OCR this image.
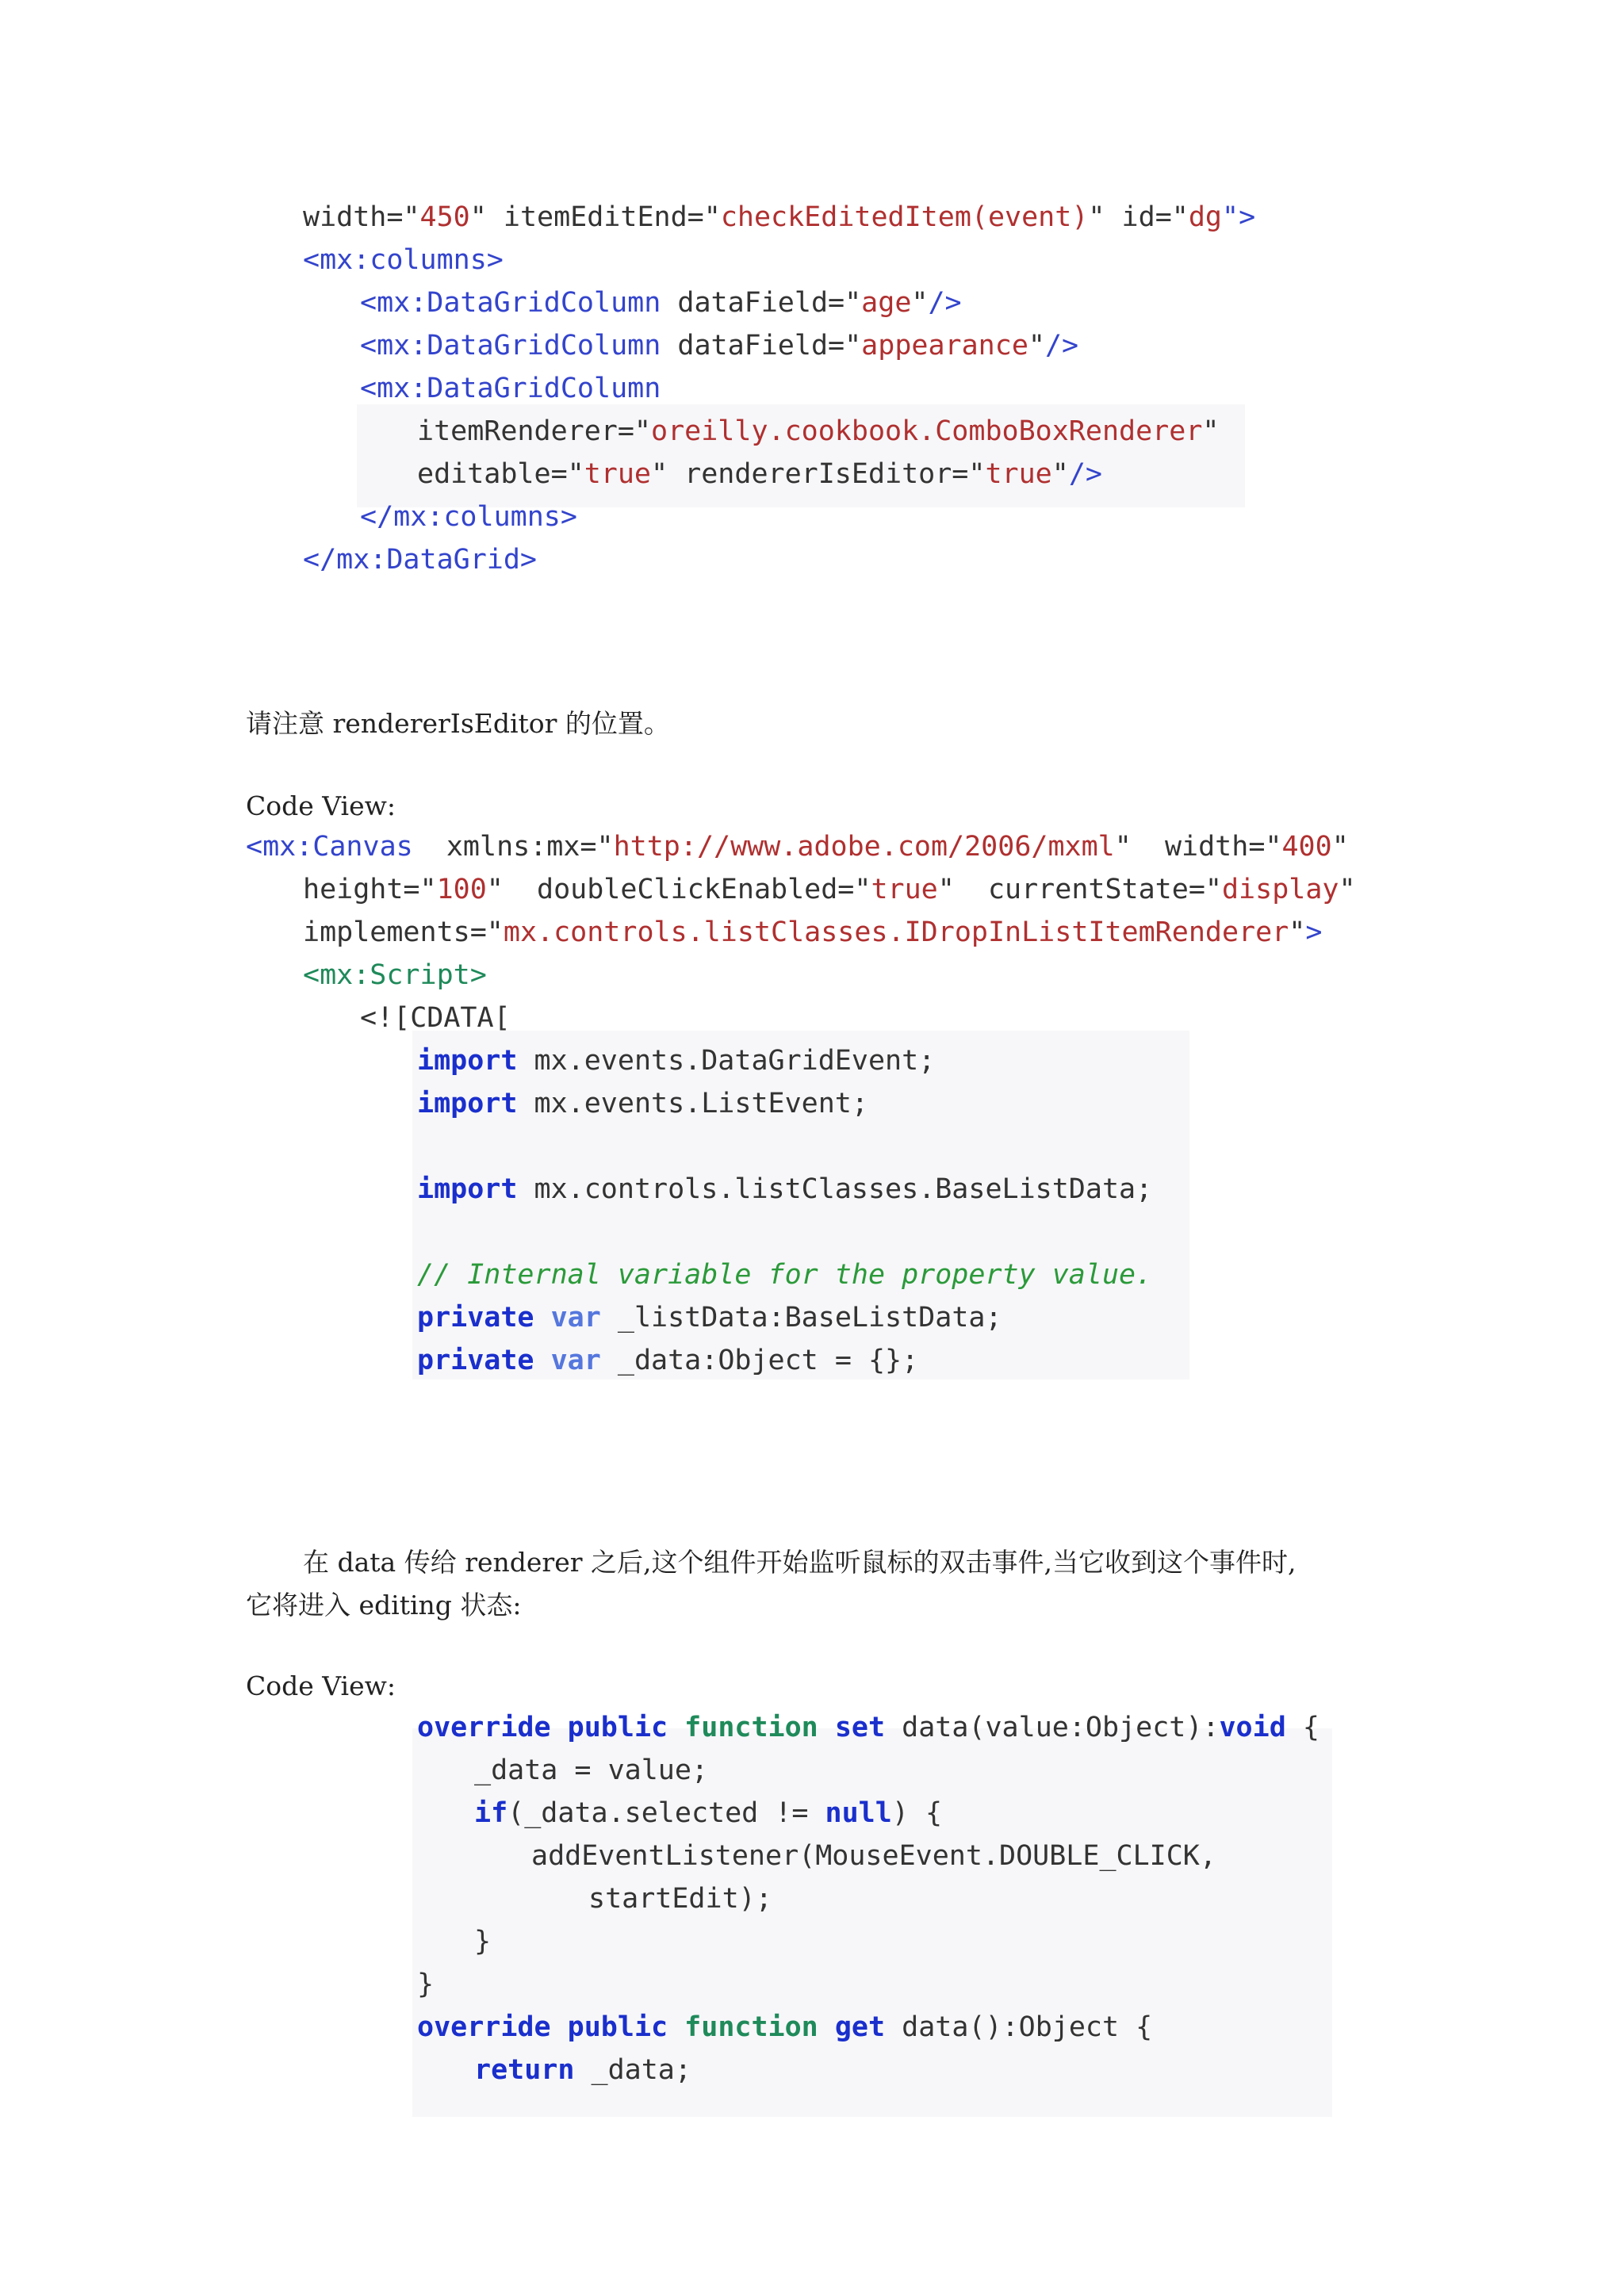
width="450" itemEditEnd="checkEditedItem(event)" id="dg">
<mx:columns>
<mx:DataGridColumn dataField="age"/>
<mx:DataGridColumn dataField="appearance"/>
<mx:DataGridColumn
itemRenderer="oreilly.cookbook.ComboBoxRenderer"
editable="true" rendererIsEditor="true"/>
</mx:columns>
</mx:DataGrid>
请注意 rendererIsEditor 的位置。
Code View:
<mx:Canvas  xmlns:mx="http://www.adobe.com/2006/mxml"  width="400"
height="100"  doubleClickEnabled="true"  currentState="display"
implements="mx.controls.listClasses.IDropInListItemRenderer">
<mx:Script>
<![CDATA[
import mx.events.DataGridEvent;
import mx.events.ListEvent;
import mx.controls.listClasses.BaseListData;
// Internal variable for the property value.
private var _listData:BaseListData;
private var _data:Object = {};
在 data 传给 renderer 之后,这个组件开始监听鼠标的双击事件,当它收到这个事件时,
它将进入 editing 状态:
Code View:
override public function set data(value:Object):void {
_data = value;
if(_data.selected != null) {
addEventListener(MouseEvent.DOUBLE_CLICK,
startEdit);
}
}
override public function get data():Object {
return _data;
